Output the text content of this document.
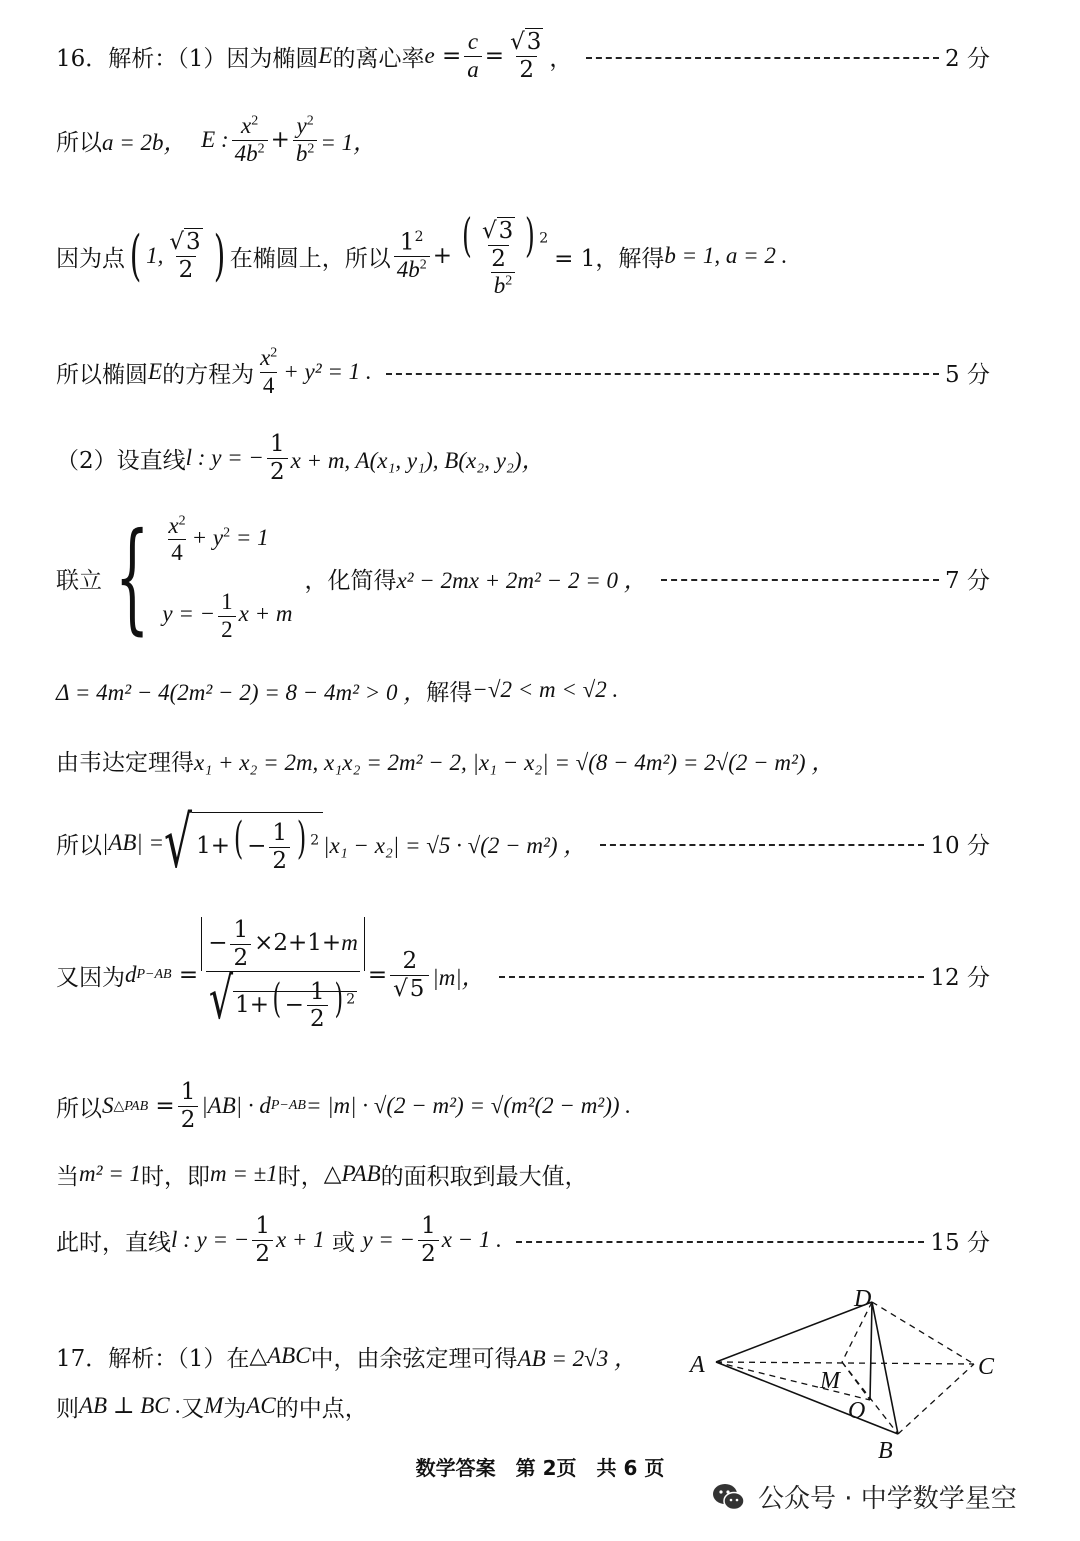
16．解析：（1）因为椭圆 E 的离心率 e =
c
a =
√3
2 ，	2 分
所以 a = 2b，
E :
$x^2$
$4b^2 + \frac{y^2}{b^2} = 1$，
因为点 ( 1,
√3
2 ) 在椭圆上，所以
$1^2$
$4b^2 + \frac{( \frac{√3}{2} ) ^2}{b^2} = 1$，解得 b = 1, a = 2 .
所以椭圆 E 的方程为
$x^2$
4
+ y² = 1 .	5 分
（2）设直线 l : y = − $\frac{1}{2}$ x + m, A(x₁, y₁), B(x₂, y₂)，
联立 { $\frac{x^2}{4} + y^2 = 1$
y = − $\frac{1}{2}$ x + m
，化简得 x² − 2mx + 2m² − 2 = 0 ，	7 分
Δ = 4m² − 4(2m² − 2) = 8 − 4m² > 0 ， 解得 −√2 < m < √2 .
由韦达定理得 x₁ + x₂ = 2m, x₁x₂ = 2m² − 2, |x₁ − x₂| = √(8 − 4m²) = 2√(2 − m²) ，
所以 |AB| = √ $1+( - \frac{1}{2}$ ) $^2$ |x₁ − x₂| = √5 · √(2 − m²) ，	10 分
又因为 d P−AB =
− $\frac{1}{2} \times 2+1+m$
$√1+( - \frac{1}{2}$ ) $^2$
=
2
√5 |m|，	12 分
所以 S △PAB =
1
2
|AB| · d P−AB = |m| · √(2 − m²) = √(m²(2 − m²)) .
当 m² = 1 时，即 m = ±1 时， △PAB 的面积取到最大值，
此时，直线 l : y = − $\frac{1}{2}$ x + 1
或
y = − $\frac{1}{2}$ x − 1 .	15 分
17．解析：（1）在 △ABC 中，由余弦定理可得 AB = 2√3 ，
则 AB ⊥ BC . 又 M 为 AC 的中点，
A
D
C
M
O
B
数学答案　第 2页　共 6 页
公众号 · 中学数学星空
